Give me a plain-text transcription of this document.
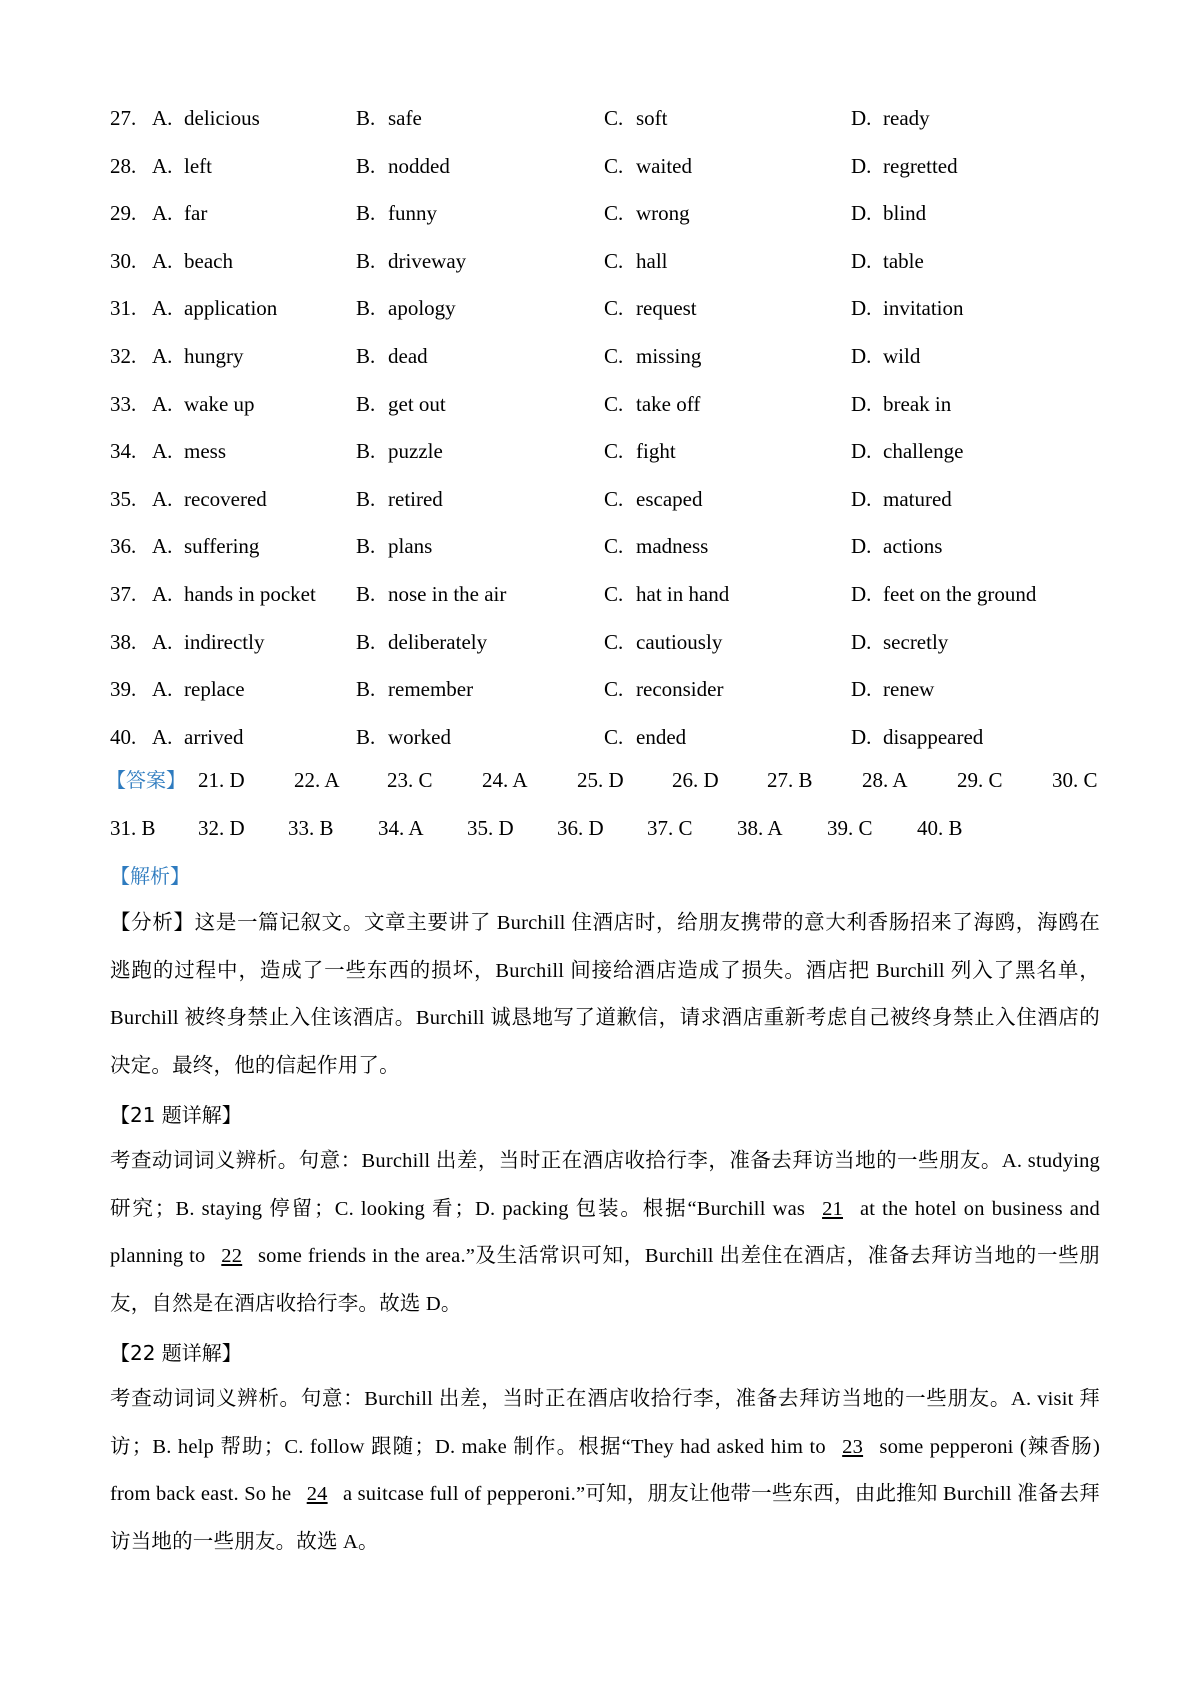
27. A. delicious	B. safe	C. soft	D. ready
28. A. left	B. nodded	C. waited	D. regretted
29. A. far	B. funny	C. wrong	D. blind
30. A. beach	B. driveway	C. hall	D. table
31. A. application	B. apology	C. request	D. invitation
32. A. hungry	B. dead	C. missing	D. wild
33. A. wake up	B. get out	C. take off	D. break in
34. A. mess	B. puzzle	C. fight	D. challenge
35. A. recovered	B. retired	C. escaped	D. matured
36. A. suffering	B. plans	C. madness	D. actions
37. A. hands in pocket B. nose in the air	C. hat in hand	D. feet on the ground
38. A. indirectly	B. deliberately	C. cautiously	D. secretly
39. A. replace	B. remember	C. reconsider	D. renew
40. A. arrived	B. worked	C. ended	D. disappeared
【答案】 21. D 22. A 23. C 24. A 25. D 26. D 27. B 28. A 29. C 30. C
31. B 32. D 33. B 34. A 35. D 36. D 37. C 38. A 39. C 40. B
【解析】
【分析】这是一篇记叙文。文章主要讲了 Burchill 住酒店时，给朋友携带的意大利香肠招来了海鸥，海鸥在逃跑的过程中，造成了一些东西的损坏，Burchill 间接给酒店造成了损失。酒店把 Burchill 列入了黑名单，Burchill 被终身禁止入住该酒店。Burchill 诚恳地写了道歉信，请求酒店重新考虑自己被终身禁止入住酒店的决定。最终，他的信起作用了。
【21 题详解】
考查动词词义辨析。句意：Burchill 出差，当时正在酒店收拾行李，准备去拜访当地的一些朋友。A. studying 研究；B. staying 停留；C. looking 看；D. packing 包装。根据“Burchill was 21 at the hotel on business and planning to 22 some friends in the area.”及生活常识可知，Burchill 出差住在酒店，准备去拜访当地的一些朋友，自然是在酒店收拾行李。故选 D。
【22 题详解】
考查动词词义辨析。句意：Burchill 出差，当时正在酒店收拾行李，准备去拜访当地的一些朋友。A. visit 拜访；B. help 帮助；C. follow 跟随；D. make 制作。根据“They had asked him to 23 some pepperoni (辣香肠) from back east. So he 24 a suitcase full of pepperoni.”可知，朋友让他带一些东西，由此推知 Burchill 准备去拜访当地的一些朋友。故选 A。
